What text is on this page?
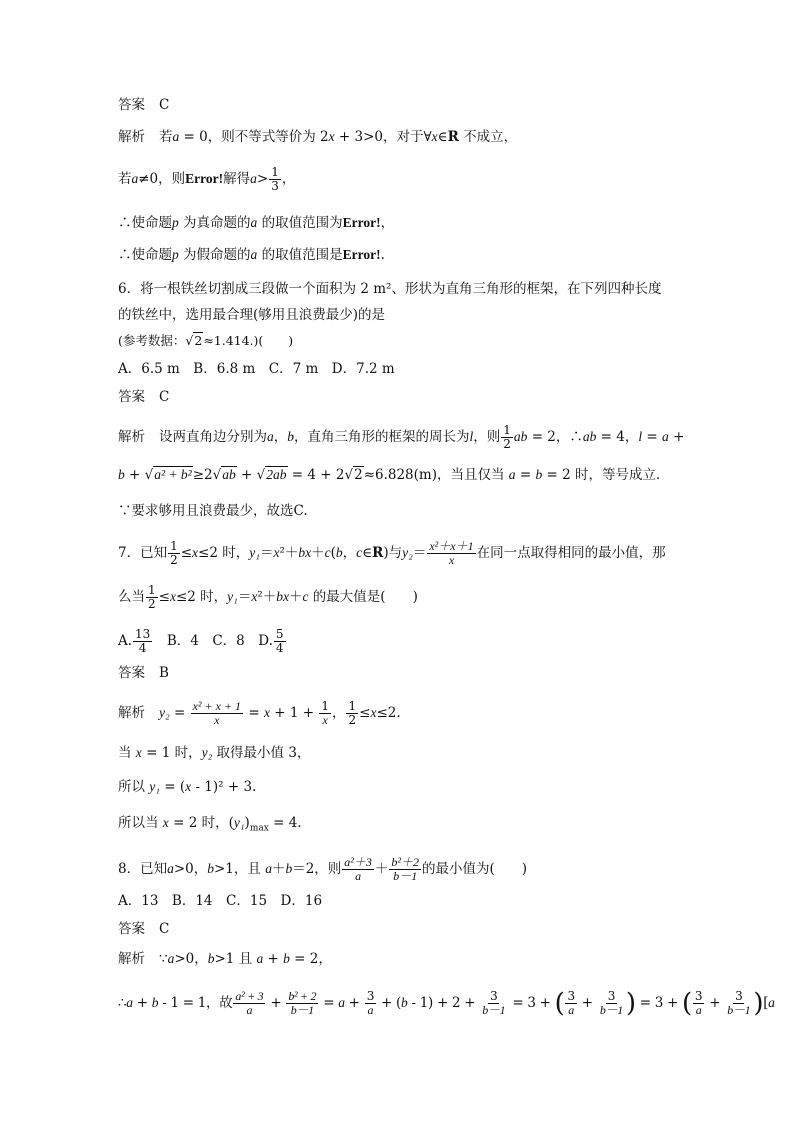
答案 C
解析 若a = 0，则不等式等价为 2x + 3>0，对于∀x∈R 不成立，
若a≠0，则Error!解得$a> \frac{1}{3}$ ，
∴使命题p 为真命题的a 的取值范围为Error!，
∴使命题p 为假命题的a 的取值范围是Error!.
6．将一根铁丝切割成三段做一个面积为 2 m²、形状为直角三角形的框架，在下列四种长度
的铁丝中，选用最合理(够用且浪费最少)的是
(参考数据：√2≈1.414.)(　　)
A．6.5 m　B．6.8 m　C．7 m　D．7.2 m
答案 C
解析 设两直角边分别为a，b，直角三角形的框架的周长为l，则 $\frac{1}{2}$ ab = 2，∴ab = 4，l = a +
b + √a² + b²≥2√ab + √2ab = 4 + 2√2≈6.828(m)，当且仅当 a = b = 2 时，等号成立．
∵要求够用且浪费最少，故选C.
7．已知 $\frac{1}{2} \le x\le 2$ 时，y₁＝x²＋bx＋c(b，c∈R)与$y_2= \frac{\text{x²＋x＋1}}{x}$ 在同一点取得相同的最小值，那
么当 $\frac{1}{2} \le x\le 2$ 时，y₁＝x²＋bx＋c 的最大值是(　　)
A. $\frac{13}{4}$ 　B．4　C．8　D. $\frac{5}{4}$
答案 B
解析 $y_2 = \frac{\text{x² + x + 1}}{x} = x + 1 + \frac{1}{x}$ ， $\frac{1}{2} \le x\le 2$.
当 x = 1 时，y₂ 取得最小值 3，
所以 y₁ = (x - 1)² + 3.
所以当 x = 2 时，$(y_1)_{max} = 4$.
8．已知a>0，b>1，且 a＋b＝2，则 $\frac{\text{a²＋3}}{a} + \frac{\text{b²＋2}}{b-1}$ 的最小值为(　　)
A．13　B．14　C．15　D．16
答案 C
解析 ∵a>0，b>1 且 a + b = 2，
∴a + b - 1 = 1，故 $\frac{\text{a² + 3}}{a} + \frac{\text{b² + 2}}{b-1} = a + \frac{3}{a} + (b - 1) + 2 + \frac{3}{b-1} = 3$ + ( $\frac{3}{a} + \frac{3}{b-1}$ ) = 3 + ( $\frac{3}{a} + \frac{3}{b-1} )[a$
